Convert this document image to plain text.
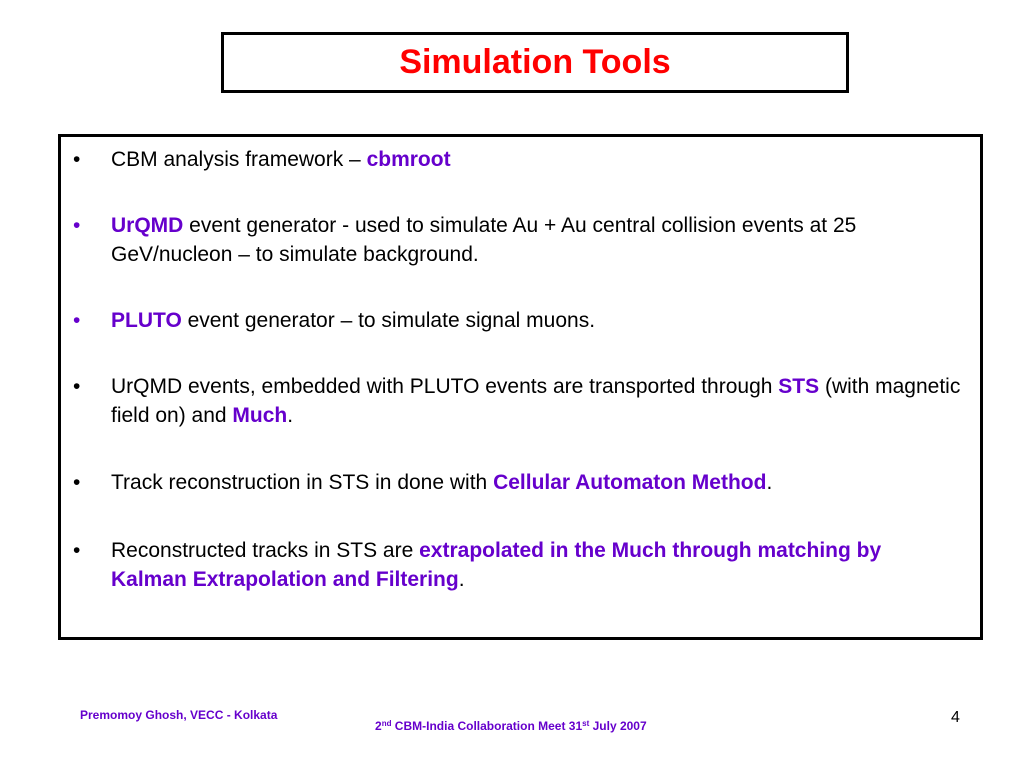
Simulation Tools
•	CBM analysis framework – cbmroot
•	UrQMD event generator - used to simulate Au + Au central collision events at 25 GeV/nucleon – to simulate background.
•	PLUTO event generator – to simulate signal muons.
•	UrQMD events, embedded with PLUTO events are transported through STS (with magnetic field on) and Much.
•	Track reconstruction in STS in done with Cellular Automaton Method.
•	Reconstructed tracks in STS are extrapolated in the Much through matching by Kalman Extrapolation and Filtering.
Premomoy Ghosh, VECC - Kolkata
2nd CBM-India Collaboration Meet 31st July 2007	4
